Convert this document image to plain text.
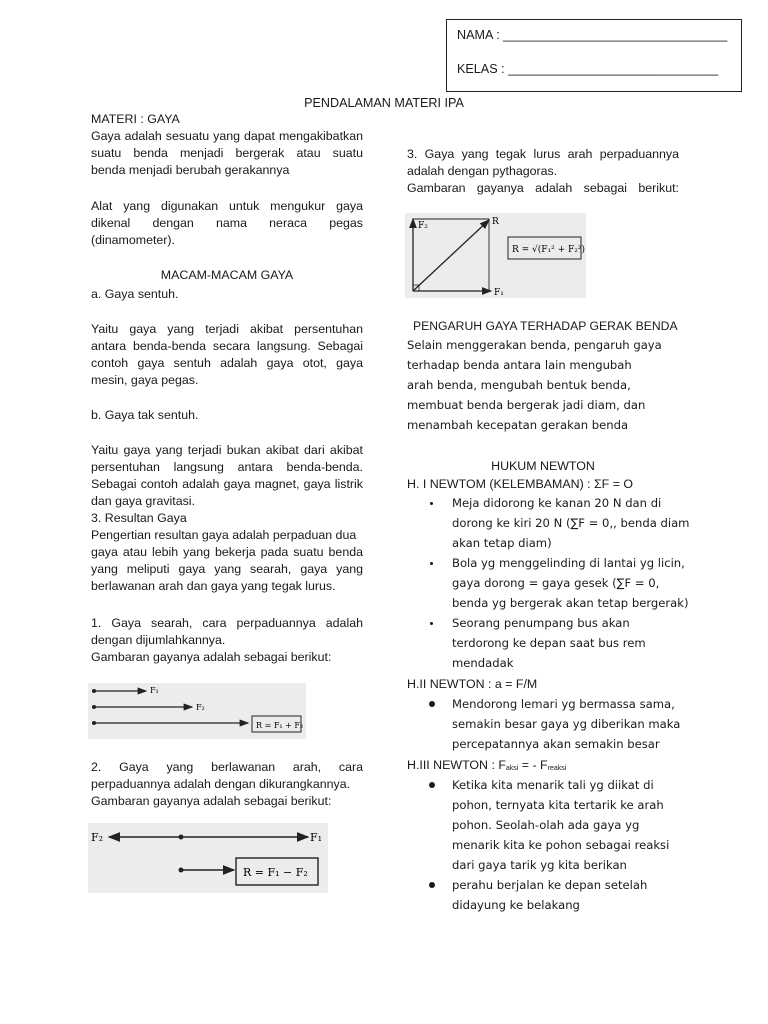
NAMA : ________________________________
KELAS : ______________________________
PENDALAMAN MATERI IPA

MATERI : GAYA

Gaya adalah sesuatu yang dapat mengakibatkan

suatu benda menjadi bergerak atau suatu

benda menjadi berubah gerakannya

Alat yang digunakan untuk mengukur gaya

dikenal dengan nama neraca pegas

(dinamometer).

MACAM-MACAM GAYA
a. Gaya sentuh.

Yaitu gaya yang terjadi akibat persentuhan

antara benda-benda secara langsung. Sebagai

contoh gaya sentuh adalah gaya otot, gaya

mesin, gaya pegas.

b. Gaya tak sentuh.

Yaitu gaya yang terjadi bukan akibat dari akibat

persentuhan langsung antara benda-benda.

Sebagai contoh adalah gaya magnet, gaya listrik

dan gaya gravitasi.

3. Resultan Gaya

Pengertian resultan gaya adalah perpaduan dua

gaya atau lebih yang bekerja pada suatu benda

yang meliputi gaya yang searah, gaya yang

berlawanan arah dan gaya yang tegak lurus.

1. Gaya searah, cara perpaduannya adalah

dengan dijumlahkannya.

Gambaran gayanya adalah sebagai berikut:

F₁
F₂
R = F₁ + F₂

2. Gaya yang berlawanan arah, cara

perpaduannya adalah dengan dikurangkannya.

Gambaran gayanya adalah sebagai berikut:

F₂	F₁
R = F₁ − F₂

3. Gaya yang tegak lurus arah perpaduannya

adalah dengan pythagoras.

Gambaran gayanya adalah sebagai berikut:

F₂
F₁
R
R = √(F₁² + F₂²)
PENGARUH GAYA TERHADAP GERAK BENDA

Selain menggerakan benda, pengaruh gaya

terhadap benda antara lain mengubah

arah benda, mengubah bentuk benda,

membuat benda bergerak jadi diam, dan

menambah kecepatan gerakan benda

HUKUM NEWTON
H. I NEWTOM (KELEMBAMAN) : ΣF = O

Meja didorong ke kanan 20 N dan di

dorong ke kiri 20 N (∑F = 0,, benda diam

akan tetap diam)

Bola yg menggelinding di lantai yg licin,

gaya dorong = gaya gesek (∑F = 0,

benda yg bergerak akan tetap bergerak)

Seorang penumpang bus akan

terdorong ke depan saat bus rem

mendadak

H.II NEWTON : a = F/M

Mendorong lemari yg bermassa sama,

semakin besar gaya yg diberikan maka

percepatannya akan semakin besar

H.III NEWTON : Faksi = - Freaksi

Ketika kita menarik tali yg diikat di

pohon, ternyata kita tertarik ke arah

pohon. Seolah-olah ada gaya yg

menarik kita ke pohon sebagai reaksi

dari gaya tarik yg kita berikan

perahu berjalan ke depan setelah

didayung ke belakang
